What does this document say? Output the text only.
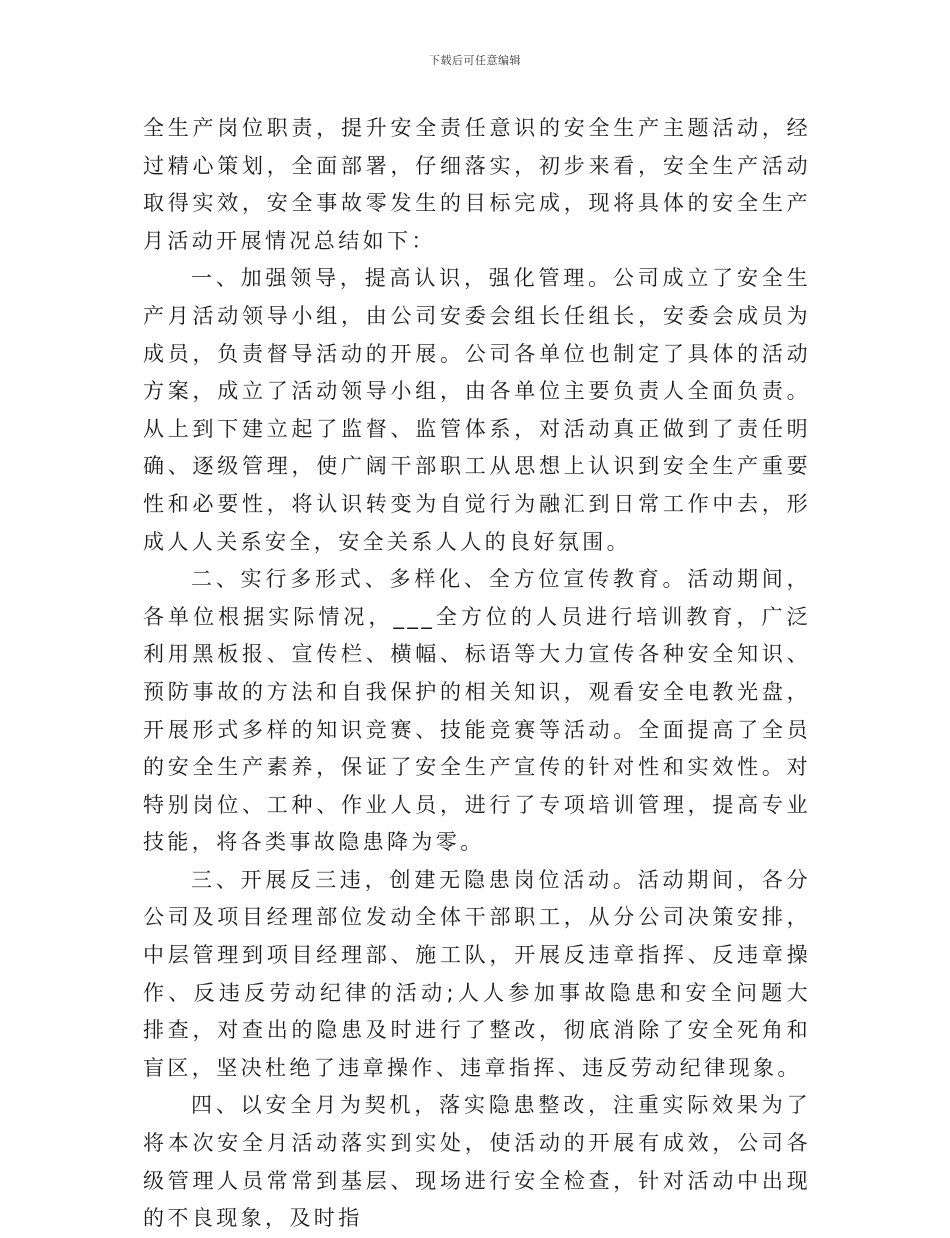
下载后可任意编辑

全生产岗位职责，提升安全责任意识的安全生产主题活动，经过精心策划，全面部署，仔细落实，初步来看，安全生产活动取得实效，安全事故零发生的目标完成，现将具体的安全生产月活动开展情况总结如下：

一、加强领导，提高认识，强化管理。公司成立了安全生产月活动领导小组，由公司安委会组长任组长，安委会成员为成员，负责督导活动的开展。公司各单位也制定了具体的活动方案，成立了活动领导小组，由各单位主要负责人全面负责。从上到下建立起了监督、监管体系，对活动真正做到了责任明确、逐级管理，使广阔干部职工从思想上认识到安全生产重要性和必要性，将认识转变为自觉行为融汇到日常工作中去，形成人人关系安全，安全关系人人的良好氛围。

二、实行多形式、多样化、全方位宣传教育。活动期间，各单位根据实际情况，___全方位的人员进行培训教育，广泛利用黑板报、宣传栏、横幅、标语等大力宣传各种安全知识、预防事故的方法和自我保护的相关知识，观看安全电教光盘，开展形式多样的知识竞赛、技能竞赛等活动。全面提高了全员的安全生产素养，保证了安全生产宣传的针对性和实效性。对特别岗位、工种、作业人员，进行了专项培训管理，提高专业技能，将各类事故隐患降为零。

三、开展反三违，创建无隐患岗位活动。活动期间，各分公司及项目经理部位发动全体干部职工，从分公司决策安排，中层管理到项目经理部、施工队，开展反违章指挥、反违章操作、反违反劳动纪律的活动;人人参加事故隐患和安全问题大排查，对查出的隐患及时进行了整改，彻底消除了安全死角和盲区，坚决杜绝了违章操作、违章指挥、违反劳动纪律现象。

四、以安全月为契机，落实隐患整改，注重实际效果为了将本次安全月活动落实到实处，使活动的开展有成效，公司各级管理人员常常到基层、现场进行安全检查，针对活动中出现的不良现象，及时指
